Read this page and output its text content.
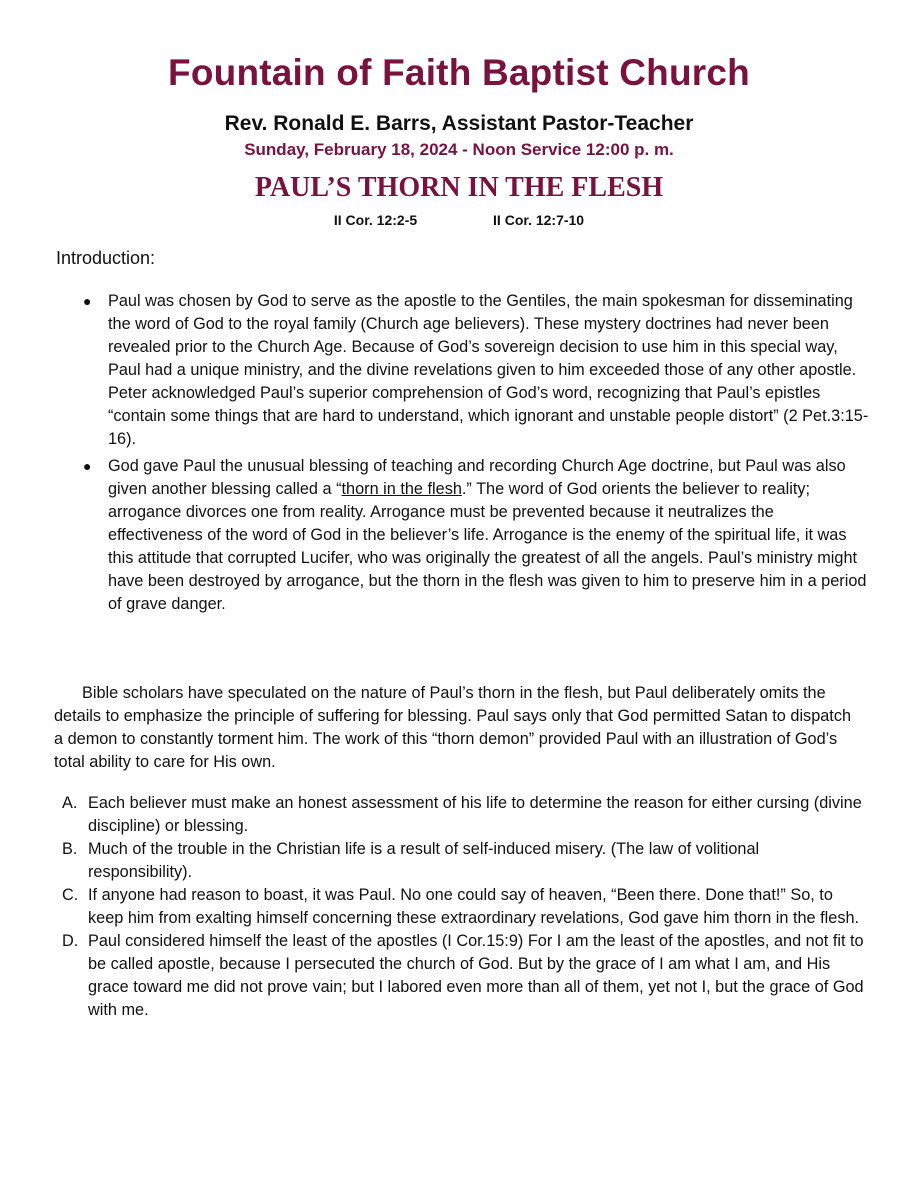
Fountain of Faith Baptist Church
Rev. Ronald E. Barrs, Assistant Pastor-Teacher
Sunday, February 18, 2024 - Noon Service 12:00 p. m.
PAUL’S THORN IN THE FLESH
II Cor. 12:2-5	II Cor. 12:7-10
Introduction:
● Paul was chosen by God to serve as the apostle to the Gentiles, the main spokesman for disseminating the word of God to the royal family (Church age believers). These mystery doctrines had never been revealed prior to the Church Age. Because of God’s sovereign decision to use him in this special way, Paul had a unique ministry, and the divine revelations given to him exceeded those of any other apostle. Peter acknowledged Paul’s superior comprehension of God’s word, recognizing that Paul’s epistles “contain some things that are hard to understand, which ignorant and unstable people distort” (2 Pet.3:15-16).
● God gave Paul the unusual blessing of teaching and recording Church Age doctrine, but Paul was also given another blessing called a “thorn in the flesh.” The word of God orients the believer to reality; arrogance divorces one from reality. Arrogance must be prevented because it neutralizes the effectiveness of the word of God in the believer’s life. Arrogance is the enemy of the spiritual life, it was this attitude that corrupted Lucifer, who was originally the greatest of all the angels. Paul’s ministry might have been destroyed by arrogance, but the thorn in the flesh was given to him to preserve him in a period of grave danger.

Bible scholars have speculated on the nature of Paul’s thorn in the flesh, but Paul deliberately omits the details to emphasize the principle of suffering for blessing. Paul says only that God permitted Satan to dispatch a demon to constantly torment him. The work of this “thorn demon” provided Paul with an illustration of God’s total ability to care for His own.

A. Each believer must make an honest assessment of his life to determine the reason for either cursing (divine discipline) or blessing.
B. Much of the trouble in the Christian life is a result of self-induced misery. (The law of volitional responsibility).
C. If anyone had reason to boast, it was Paul. No one could say of heaven, “Been there. Done that!” So, to keep him from exalting himself concerning these extraordinary revelations, God gave him thorn in the flesh.
D. Paul considered himself the least of the apostles (I Cor.15:9) For I am the least of the apostles, and not fit to be called apostle, because I persecuted the church of God. But by the grace of I am what I am, and His grace toward me did not prove vain; but I labored even more than all of them, yet not I, but the grace of God with me.
